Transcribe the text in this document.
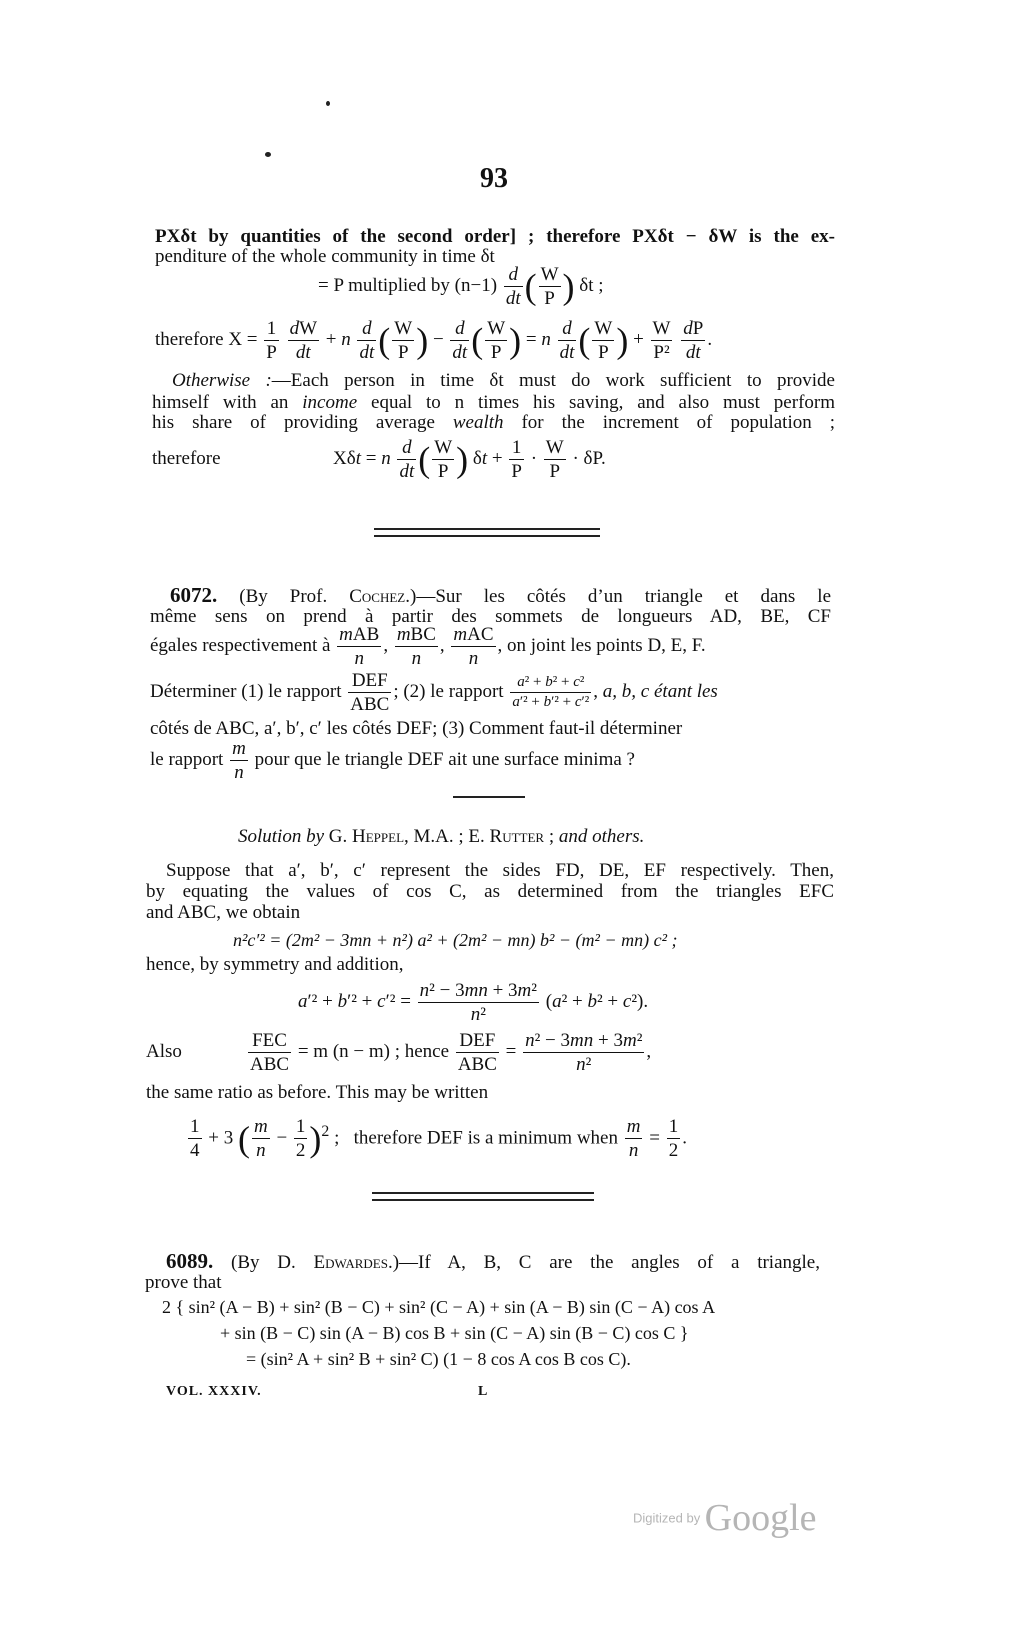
93
PXδt by quantities of the second order] ; therefore PXδt − δW is the ex-
penditure of the whole community in time δt
= P multiplied by $(n-1) \frac{d}{dt}$ ( $\frac{W}{P}$ ) δt ;
therefore $X = \frac{1}{P}$
$\frac{dW}{dt} + n \frac{d}{dt}$ ( $\frac{W}{P}$ ) − $\frac{d}{dt}$ ( $\frac{W}{P}$ ) = n $\frac{d}{dt}$ ( $\frac{W}{P}$ ) + $\frac{W}{\text{P²}}$
$\frac{dP}{dt}$ .
Otherwise :—Each person in time δt must do work sufficient to provide
himself with an income equal to n times his saving, and also must perform
his share of providing average wealth for the increment of population ;
therefore	Xδt = n $\frac{d}{dt}$ ( $\frac{W}{P}$ ) $\delta t + \frac{1}{P} \cdot \frac{W}{P} \cdot \delta P$.
6072. (By Prof. Cochez.)—Sur les côtés d’un triangle et dans le
même sens on prend à partir des sommets de longueurs AD, BE, CF
égales respectivement à $\frac{\text{mAB}}{n}$ , $\frac{\text{mBC}}{n}$ , $\frac{\text{mAC}}{n}$ , on joint les points D, E, F.
Déterminer (1) le rapport $\frac{\text{DEF}}{\text{ABC}}$ ; (2) le rapport $\frac{\text{a² + b² + c²}}{\text{a′² + b′² + c′²}}$ , a, b, c étant les
côtés de ABC, a′, b′, c′ les côtés DEF; (3) Comment faut-il déterminer
le rapport $\frac{m}{n}$ pour que le triangle DEF ait une surface minima ?
Solution by G. Heppel, M.A. ; E. Rutter ; and others.
Suppose that a′, b′, c′ represent the sides FD, DE, EF respectively. Then,
by equating the values of cos C, as determined from the triangles EFC
and ABC, we obtain
n²c′² = (2m² − 3mn + n²) a² + (2m² − mn) b² − (m² − mn) c² ;
hence, by symmetry and addition,
$a'^2 + b'^2 + c'^2 = \frac{\text{n² − 3mn + 3m²}}{\text{n²}} (a^2 + b^2 + c^2)$.
Also	$\frac{\text{FEC}}{\text{ABC}} = m$ (n − m) ; hence $\frac{\text{DEF}}{\text{ABC}} = \frac{\text{n² − 3mn + 3m²}}{\text{n²}}$ ,
the same ratio as before. This may be written
$\frac{1}{4} + 3$ ( $\frac{m}{n} - \frac{1}{2} )^2$ ;   therefore DEF is a minimum when $\frac{m}{n} = \frac{1}{2}$ .
6089. (By D. Edwardes.)—If A, B, C are the angles of a triangle,
prove that
2 { sin² (A − B) + sin² (B − C) + sin² (C − A) + sin (A − B) sin (C − A) cos A
+ sin (B − C) sin (A − B) cos B + sin (C − A) sin (B − C) cos C }
= (sin² A + sin² B + sin² C) (1 − 8 cos A cos B cos C).
VOL. XXXIV.	L
Digitized by Google
